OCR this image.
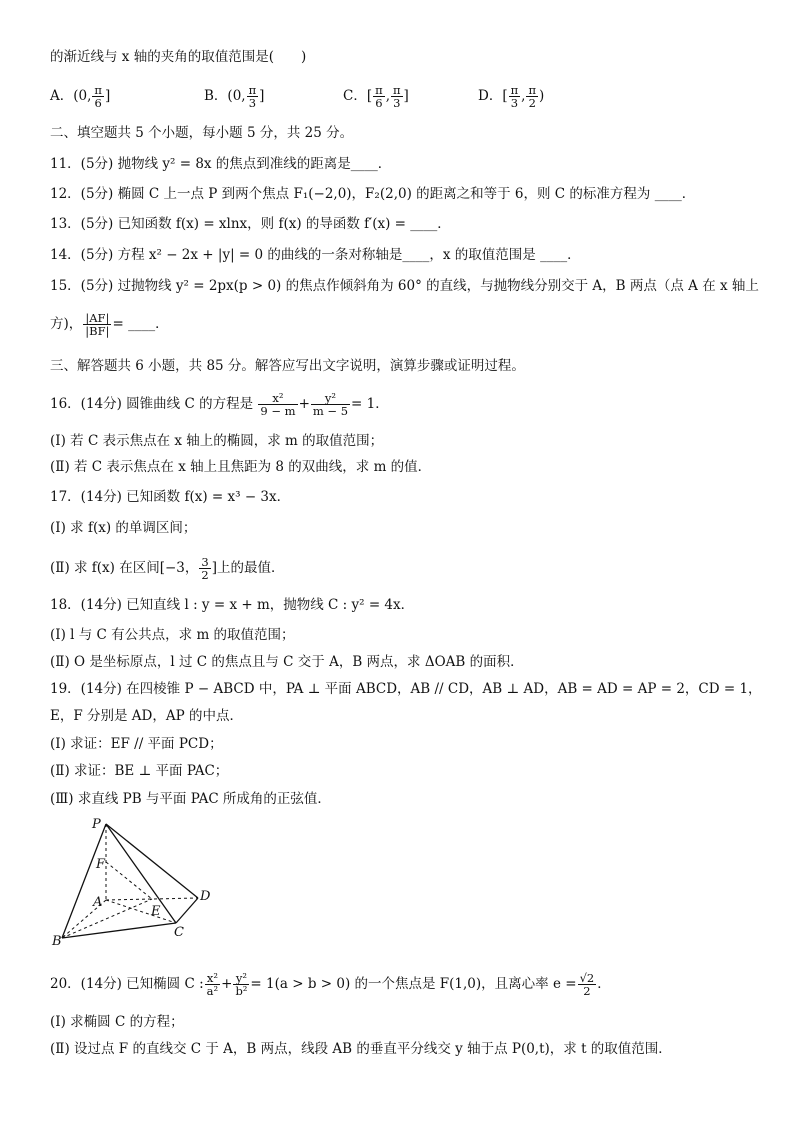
的渐近线与 x 轴的夹角的取值范围是(　　)
A．(0, $\frac{\pi}{6}$ ]	B．(0, $\frac{\pi}{3}$ ]	C．[ $\frac{\pi}{6}$ , $\frac{\pi}{3}$ ]	D．[ $\frac{\pi}{3}$ , $\frac{\pi}{2}$ )
二、填空题共 5 个小题，每小题 5 分，共 25 分。
11．(5分) 抛物线 y² = 8x 的焦点到准线的距离是____．
12．(5分) 椭圆 C 上一点 P 到两个焦点 F₁(−2,0)，F₂(2,0) 的距离之和等于 6，则 C 的标准方程为 ____．
13．(5分) 已知函数 f(x) = xlnx，则 f(x) 的导函数 f′(x) = ____．
14．(5分) 方程 x² − 2x + |y| = 0 的曲线的一条对称轴是____，x 的取值范围是 ____．
15．(5分) 过抛物线 y² = 2px(p > 0) 的焦点作倾斜角为 60° 的直线，与抛物线分别交于 A，B 两点（点 A 在 x 轴上
方)， $\frac{|AF|}{|BF|}$ = ____．
三、解答题共 6 小题，共 85 分。解答应写出文字说明，演算步骤或证明过程。
16．(14分) 圆锥曲线 C 的方程是 $\frac{\text{x²}}{9 - m} + \frac{\text{y²}}{m - 5} = 1$．
(Ⅰ) 若 C 表示焦点在 x 轴上的椭圆，求 m 的取值范围；
(Ⅱ) 若 C 表示焦点在 x 轴上且焦距为 8 的双曲线，求 m 的值．
17．(14分) 已知函数 f(x) = x³ − 3x．
(Ⅰ) 求 f(x) 的单调区间；
(Ⅱ) 求 f(x) 在区间[−3， $\frac{3}{2}$ ]上的最值．
18．(14分) 已知直线 l : y = x + m，抛物线 C : y² = 4x．
(Ⅰ) l 与 C 有公共点，求 m 的取值范围；
(Ⅱ) O 是坐标原点，l 过 C 的焦点且与 C 交于 A，B 两点，求 ΔOAB 的面积．
19．(14分) 在四棱锥 P − ABCD 中，PA ⊥ 平面 ABCD，AB // CD，AB ⊥ AD，AB = AD = AP = 2，CD = 1，
E，F 分别是 AD，AP 的中点．
(Ⅰ) 求证：EF // 平面 PCD；
(Ⅱ) 求证：BE ⊥ 平面 PAC；
(Ⅲ) 求直线 PB 与平面 PAC 所成角的正弦值．
P
F
A
E
D
B
C
20．(14分) 已知椭圆 C : $\frac{\text{x²}}{\text{a²}} + \frac{\text{y²}}{\text{b²}} = 1(a > b > 0)$ 的一个焦点是 F(1,0)，且离心率 $e = \frac{√2}{2}$ ．
(Ⅰ) 求椭圆 C 的方程；
(Ⅱ) 设过点 F 的直线交 C 于 A，B 两点，线段 AB 的垂直平分线交 y 轴于点 P(0,t)，求 t 的取值范围．
